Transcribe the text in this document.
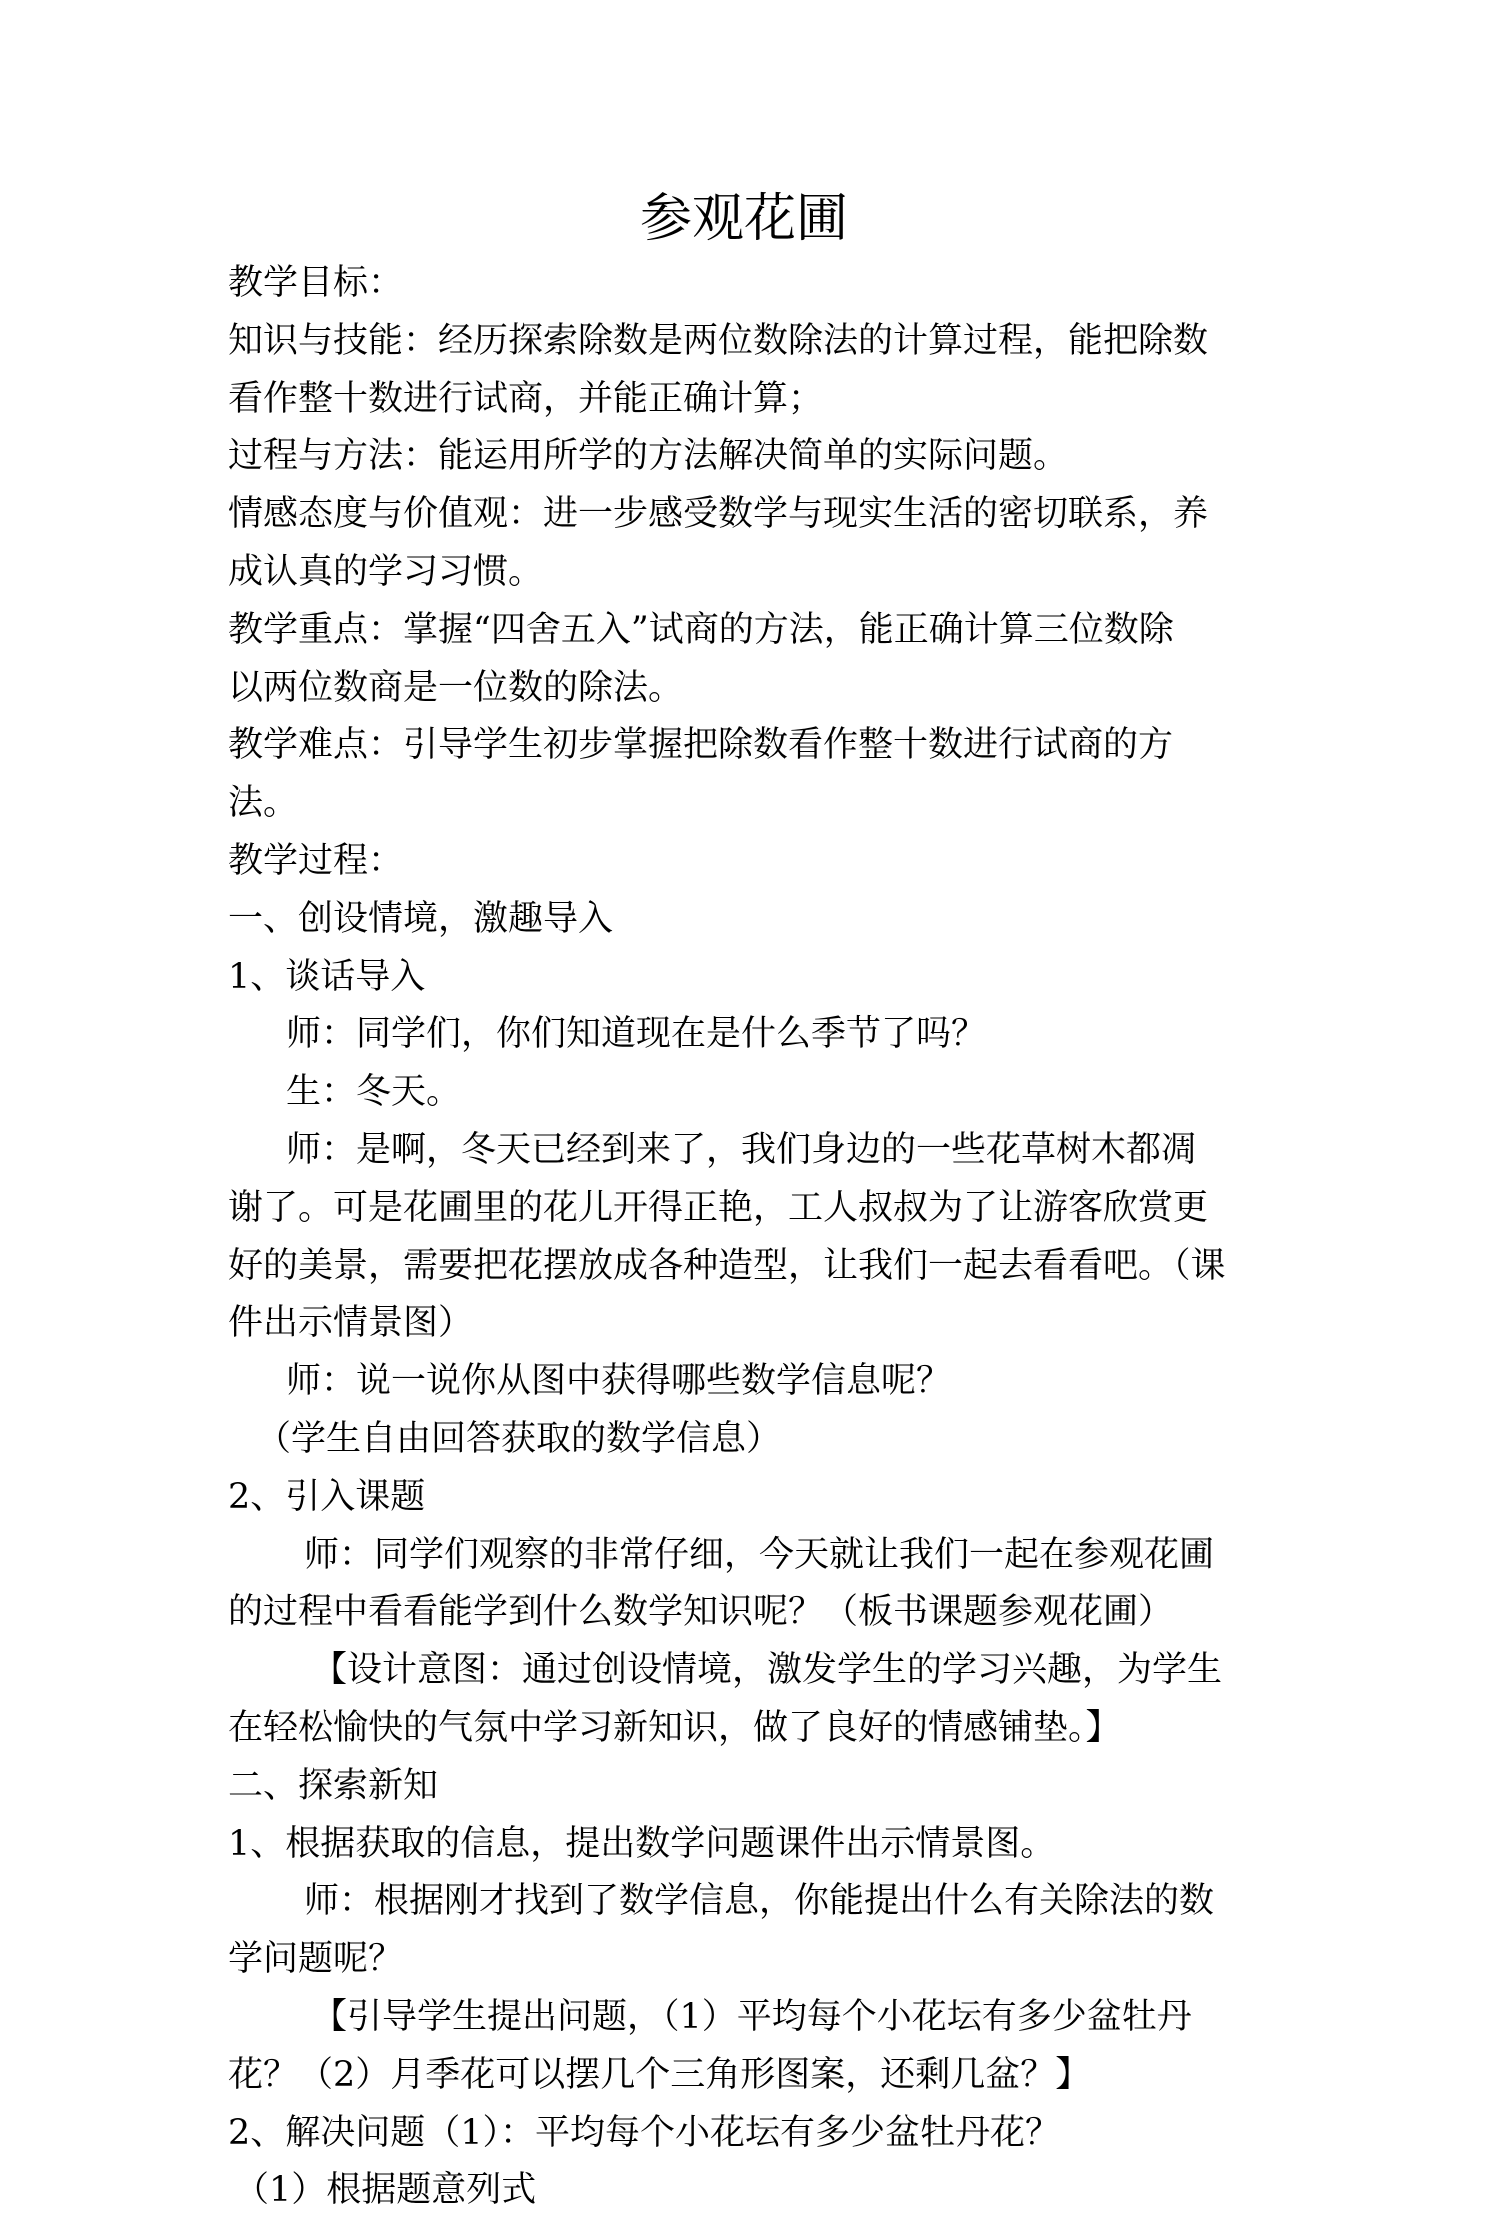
参观花圃
教学目标：
知识与技能：经历探索除数是两位数除法的计算过程，能把除数
看作整十数进行试商，并能正确计算；
过程与方法：能运用所学的方法解决简单的实际问题。
情感态度与价值观：进一步感受数学与现实生活的密切联系，养
成认真的学习习惯。
教学重点：掌握“四舍五入”试商的方法，能正确计算三位数除
以两位数商是一位数的除法。
教学难点：引导学生初步掌握把除数看作整十数进行试商的方
法。
教学过程：
一、创设情境，激趣导入
1、谈话导入
师：同学们，你们知道现在是什么季节了吗？
生：冬天。
师：是啊，冬天已经到来了，我们身边的一些花草树木都凋
谢了。可是花圃里的花儿开得正艳，工人叔叔为了让游客欣赏更
好的美景，需要把花摆放成各种造型，让我们一起去看看吧。（课
件出示情景图）
师：说一说你从图中获得哪些数学信息呢？
（学生自由回答获取的数学信息）
2、引入课题
师：同学们观察的非常仔细，今天就让我们一起在参观花圃
的过程中看看能学到什么数学知识呢？（板书课题参观花圃）
【设计意图：通过创设情境，激发学生的学习兴趣，为学生
在轻松愉快的气氛中学习新知识，做了良好的情感铺垫。】
二、探索新知
1、根据获取的信息，提出数学问题课件出示情景图。
师：根据刚才找到了数学信息，你能提出什么有关除法的数
学问题呢？
【引导学生提出问题，（1）平均每个小花坛有多少盆牡丹
花？（2）月季花可以摆几个三角形图案，还剩几盆？】
2、解决问题（1）：平均每个小花坛有多少盆牡丹花？
（1）根据题意列式
